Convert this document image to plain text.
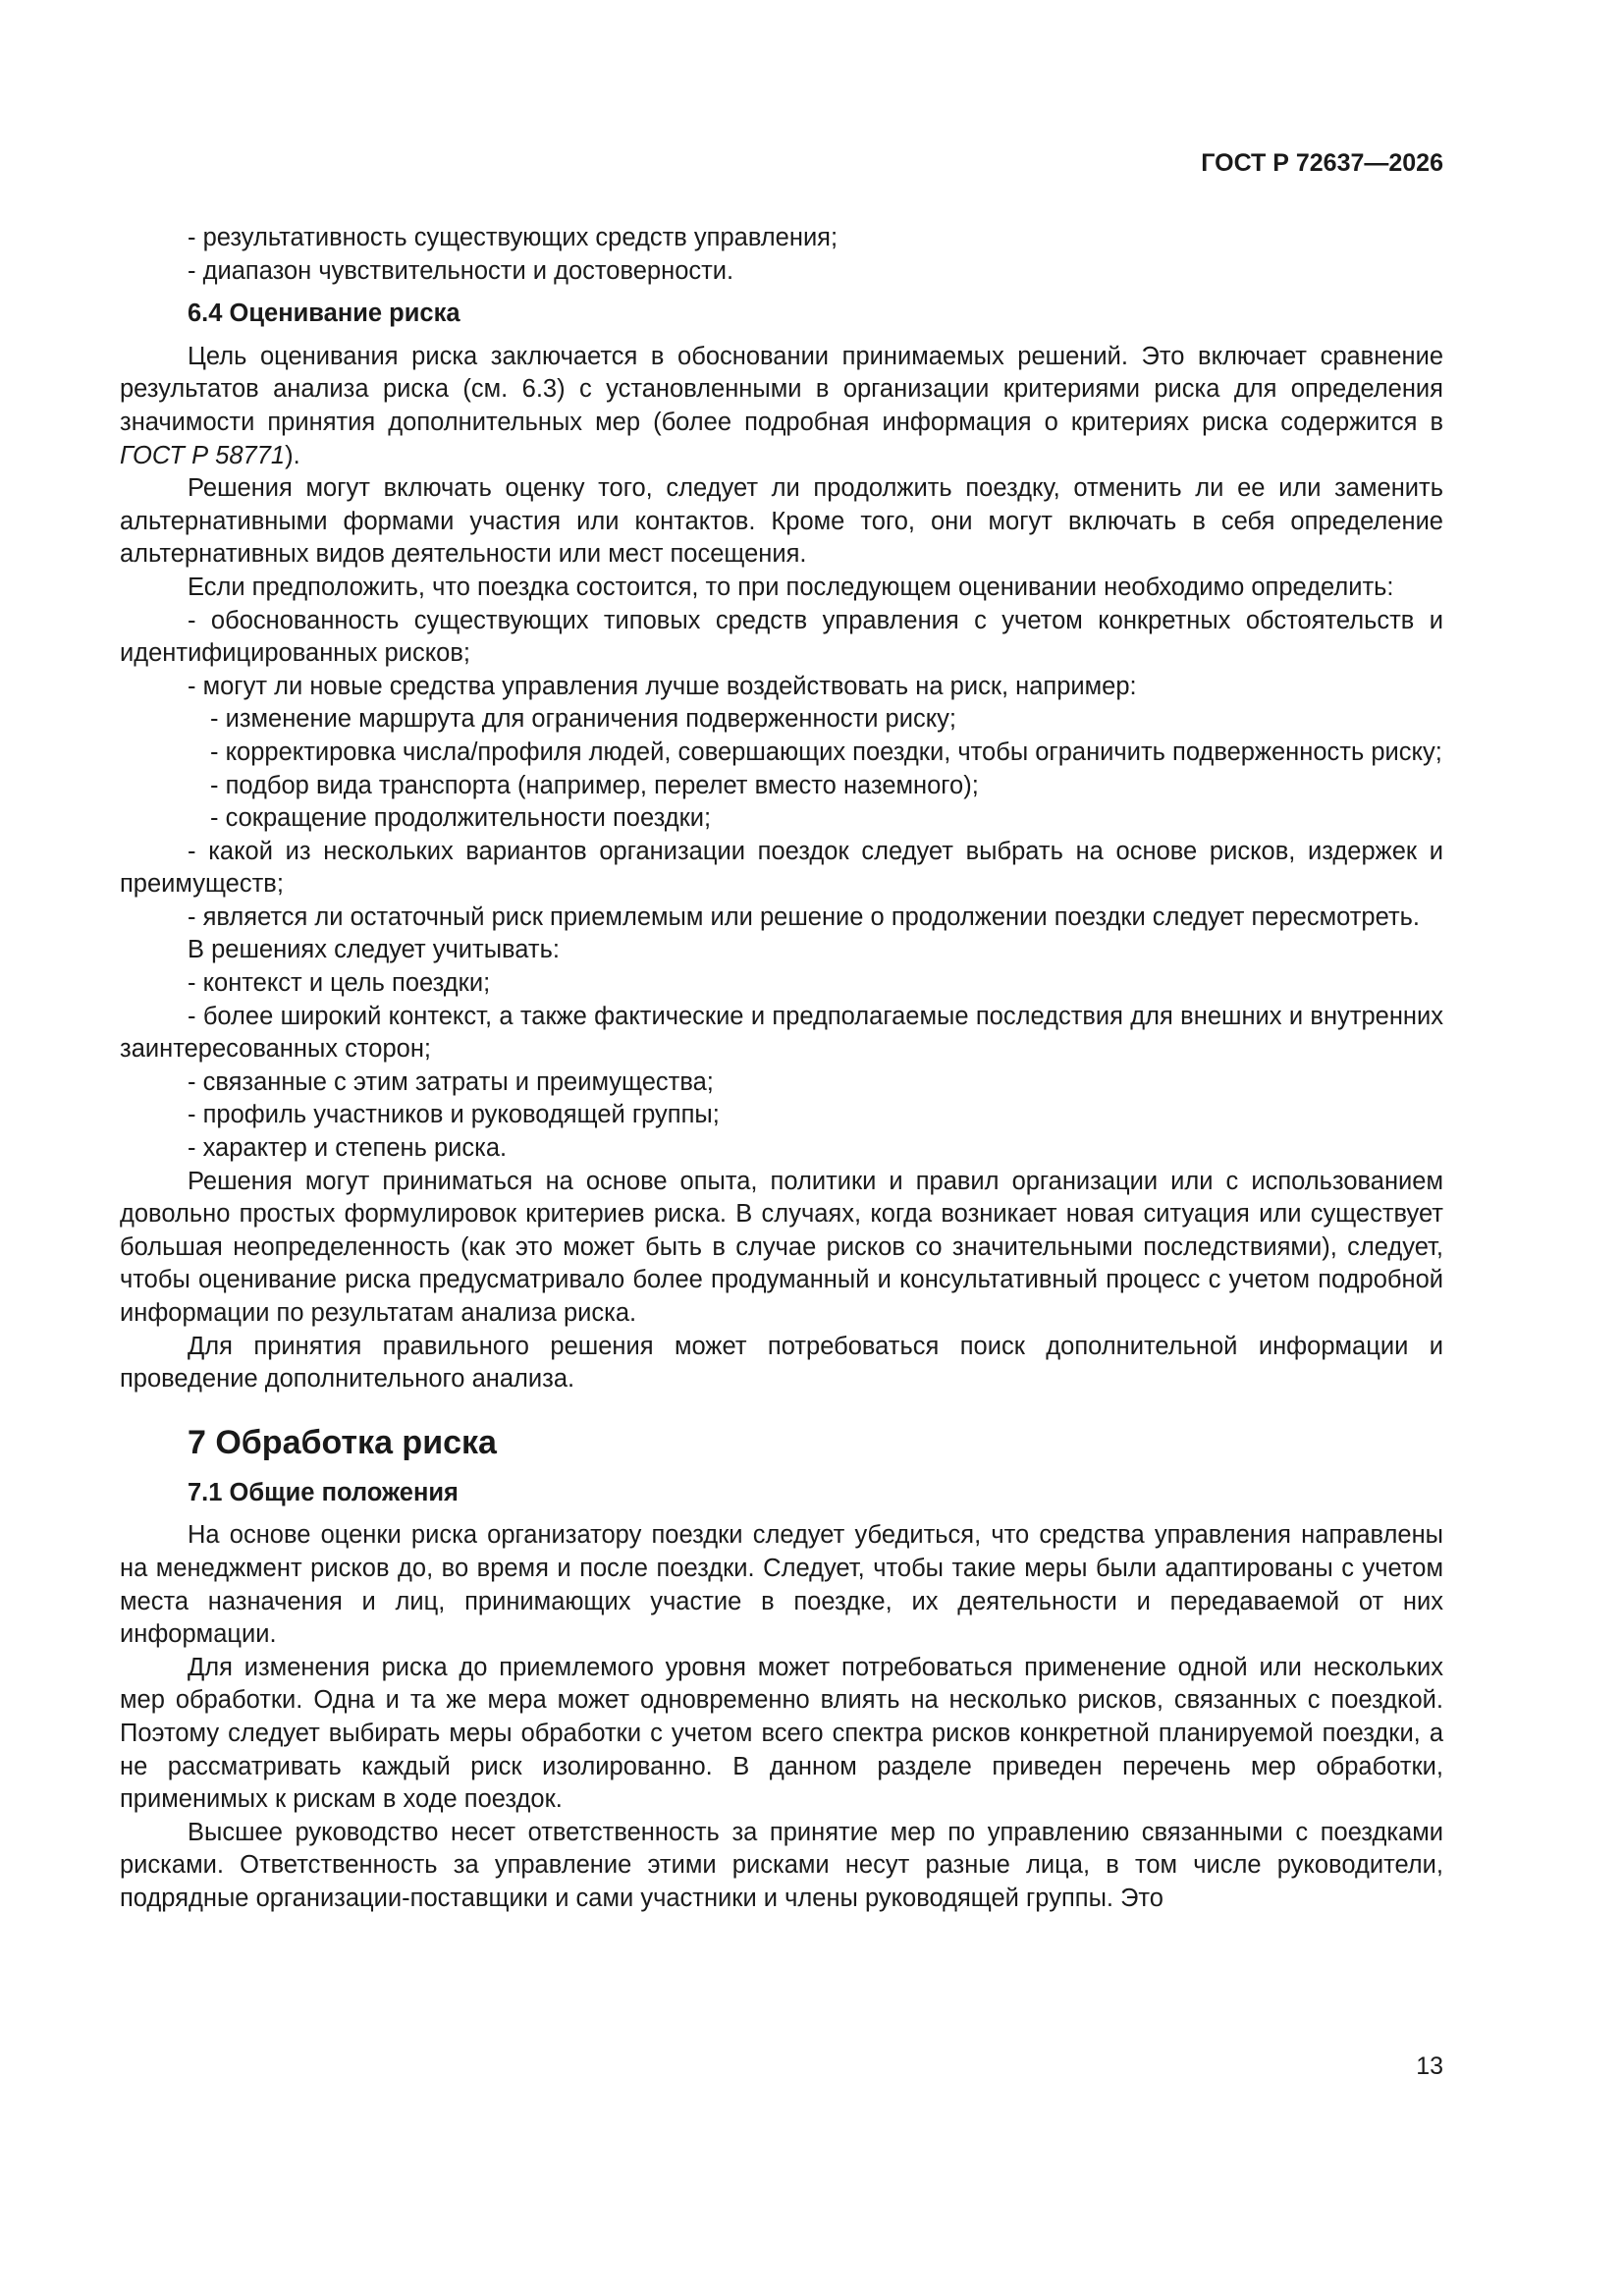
ГОСТ Р 72637—2026

- результативность существующих средств управления;

- диапазон чувствительности и достоверности.

6.4 Оценивание риска

Цель оценивания риска заключается в обосновании принимаемых решений. Это включает сравнение результатов анализа риска (см. 6.3) с установленными в организации критериями риска для определения значимости принятия дополнительных мер (более подробная информация о критериях риска содержится в ГОСТ Р 58771).

Решения могут включать оценку того, следует ли продолжить поездку, отменить ли ее или заменить альтернативными формами участия или контактов. Кроме того, они могут включать в себя определение альтернативных видов деятельности или мест посещения.

Если предположить, что поездка состоится, то при последующем оценивании необходимо определить:

- обоснованность существующих типовых средств управления с учетом конкретных обстоятельств и идентифицированных рисков;

- могут ли новые средства управления лучше воздействовать на риск, например:

- изменение маршрута для ограничения подверженности риску;

- корректировка числа/профиля людей, совершающих поездки, чтобы ограничить подверженность риску;

- подбор вида транспорта (например, перелет вместо наземного);

- сокращение продолжительности поездки;

- какой из нескольких вариантов организации поездок следует выбрать на основе рисков, издержек и преимуществ;

- является ли остаточный риск приемлемым или решение о продолжении поездки следует пересмотреть.

В решениях следует учитывать:

- контекст и цель поездки;

- более широкий контекст, а также фактические и предполагаемые последствия для внешних и внутренних заинтересованных сторон;

- связанные с этим затраты и преимущества;

- профиль участников и руководящей группы;

- характер и степень риска.

Решения могут приниматься на основе опыта, политики и правил организации или с использованием довольно простых формулировок критериев риска. В случаях, когда возникает новая ситуация или существует большая неопределенность (как это может быть в случае рисков со значительными последствиями), следует, чтобы оценивание риска предусматривало более продуманный и консультативный процесс с учетом подробной информации по результатам анализа риска.

Для принятия правильного решения может потребоваться поиск дополнительной информации и проведение дополнительного анализа.

7 Обработка риска

7.1 Общие положения

На основе оценки риска организатору поездки следует убедиться, что средства управления направлены на менеджмент рисков до, во время и после поездки. Следует, чтобы такие меры были адаптированы с учетом места назначения и лиц, принимающих участие в поездке, их деятельности и передаваемой от них информации.

Для изменения риска до приемлемого уровня может потребоваться применение одной или нескольких мер обработки. Одна и та же мера может одновременно влиять на несколько рисков, связанных с поездкой. Поэтому следует выбирать меры обработки с учетом всего спектра рисков конкретной планируемой поездки, а не рассматривать каждый риск изолированно. В данном разделе приведен перечень мер обработки, применимых к рискам в ходе поездок.

Высшее руководство несет ответственность за принятие мер по управлению связанными с поездками рисками. Ответственность за управление этими рисками несут разные лица, в том числе руководители, подрядные организации-поставщики и сами участники и члены руководящей группы. Это

13
